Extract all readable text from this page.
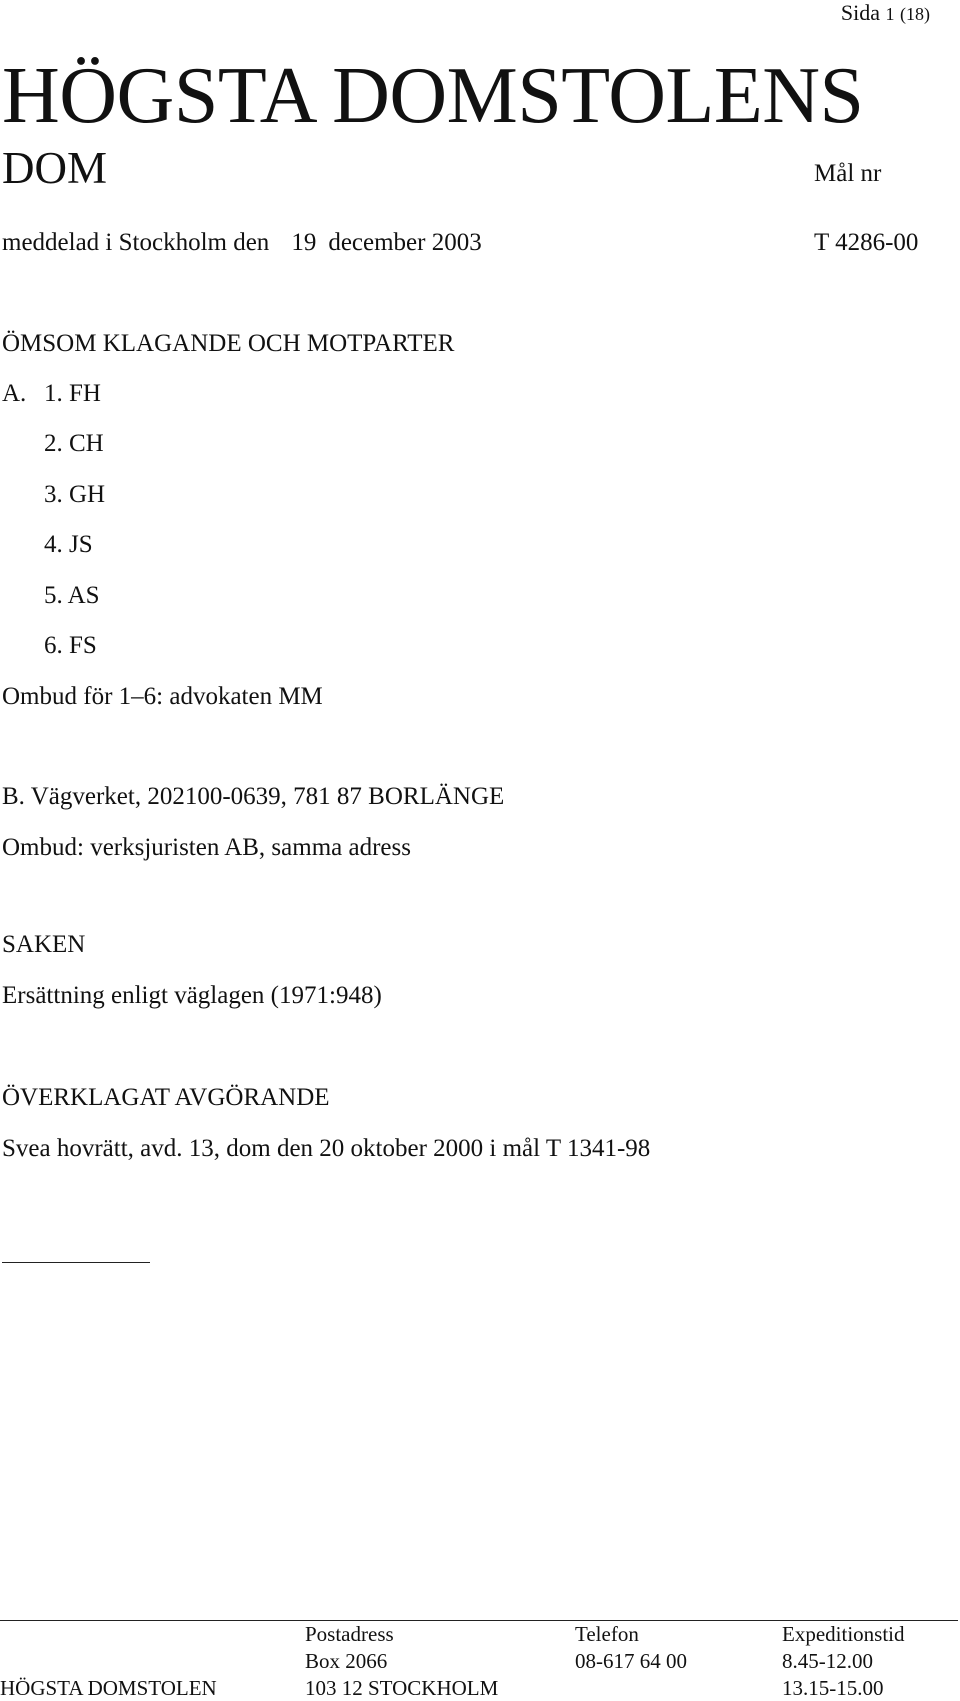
Sida 1 (18)
HÖGSTA DOMSTOLENS
DOM	Mål nr
meddelad i Stockholm den 19 december 2003	T 4286-00
ÖMSOM KLAGANDE OCH MOTPARTER
A. 1. FH
2. CH
3. GH
4. JS
5. AS
6. FS
Ombud för 1–6: advokaten MM
B. Vägverket, 202100-0639, 781 87 BORLÄNGE
Ombud: verksjuristen AB, samma adress
SAKEN
Ersättning enligt väglagen (1971:948)
ÖVERKLAGAT AVGÖRANDE
Svea hovrätt, avd. 13, dom den 20 oktober 2000 i mål T 1341-98
Postadress
Box 2066
103 12 STOCKHOLM
Telefon
08-617 64 00
Expeditionstid
8.45-12.00
13.15-15.00
HÖGSTA DOMSTOLEN
